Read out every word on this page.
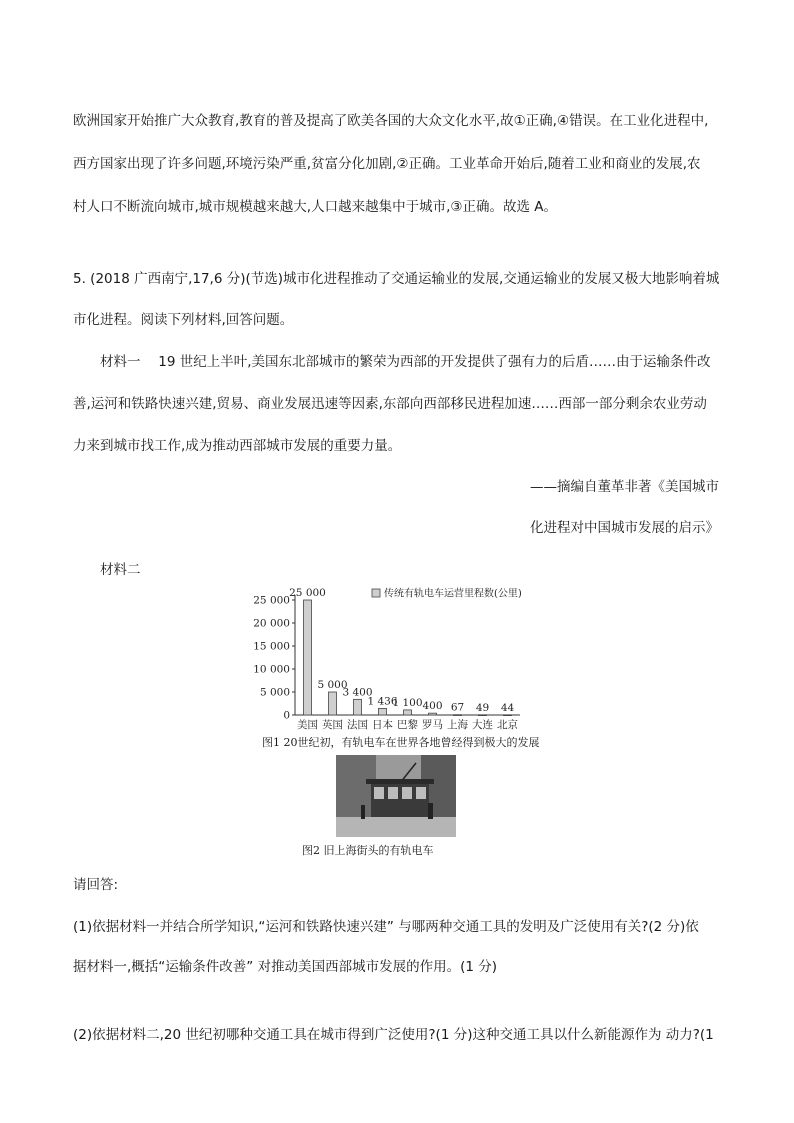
欧洲国家开始推广大众教育,教育的普及提高了欧美各国的大众文化水平,故①正确,④错误。在工业化进程中,
西方国家出现了许多问题,环境污染严重,贫富分化加剧,②正确。工业革命开始后,随着工业和商业的发展,农
村人口不断流向城市,城市规模越来越大,人口越来越集中于城市,③正确。故选 A。
5. (2018 广西南宁,17,6 分)(节选)城市化进程推动了交通运输业的发展,交通运输业的发展又极大地影响着城
市化进程。阅读下列材料,回答问题。
材料一　 19 世纪上半叶,美国东北部城市的繁荣为西部的开发提供了强有力的后盾……由于运输条件改
善,运河和铁路快速兴建,贸易、商业发展迅速等因素,东部向西部移民进程加速……西部一部分剩余农业劳动
力来到城市找工作,成为推动西部城市发展的重要力量。
——摘编自董革非著《美国城市
化进程对中国城市发展的启示》
材料二
0
5 000
10 000
15 000
20 000
25 000
25 000
美国
5 000
英国
3 400
法国
1 436
日本
1 100
巴黎
400
罗马
67
上海
49
大连
44
北京
传统有轨电车运营里程数(公里)
图1 20世纪初，有轨电车在世界各地曾经得到极大的发展
图2 旧上海街头的有轨电车
请回答:
(1)依据材料一并结合所学知识,“运河和铁路快速兴建” 与哪两种交通工具的发明及广泛使用有关?(2 分)依
据材料一,概括“运输条件改善” 对推动美国西部城市发展的作用。(1 分)
(2)依据材料二,20 世纪初哪种交通工具在城市得到广泛使用?(1 分)这种交通工具以什么新能源作为 动力?(1
